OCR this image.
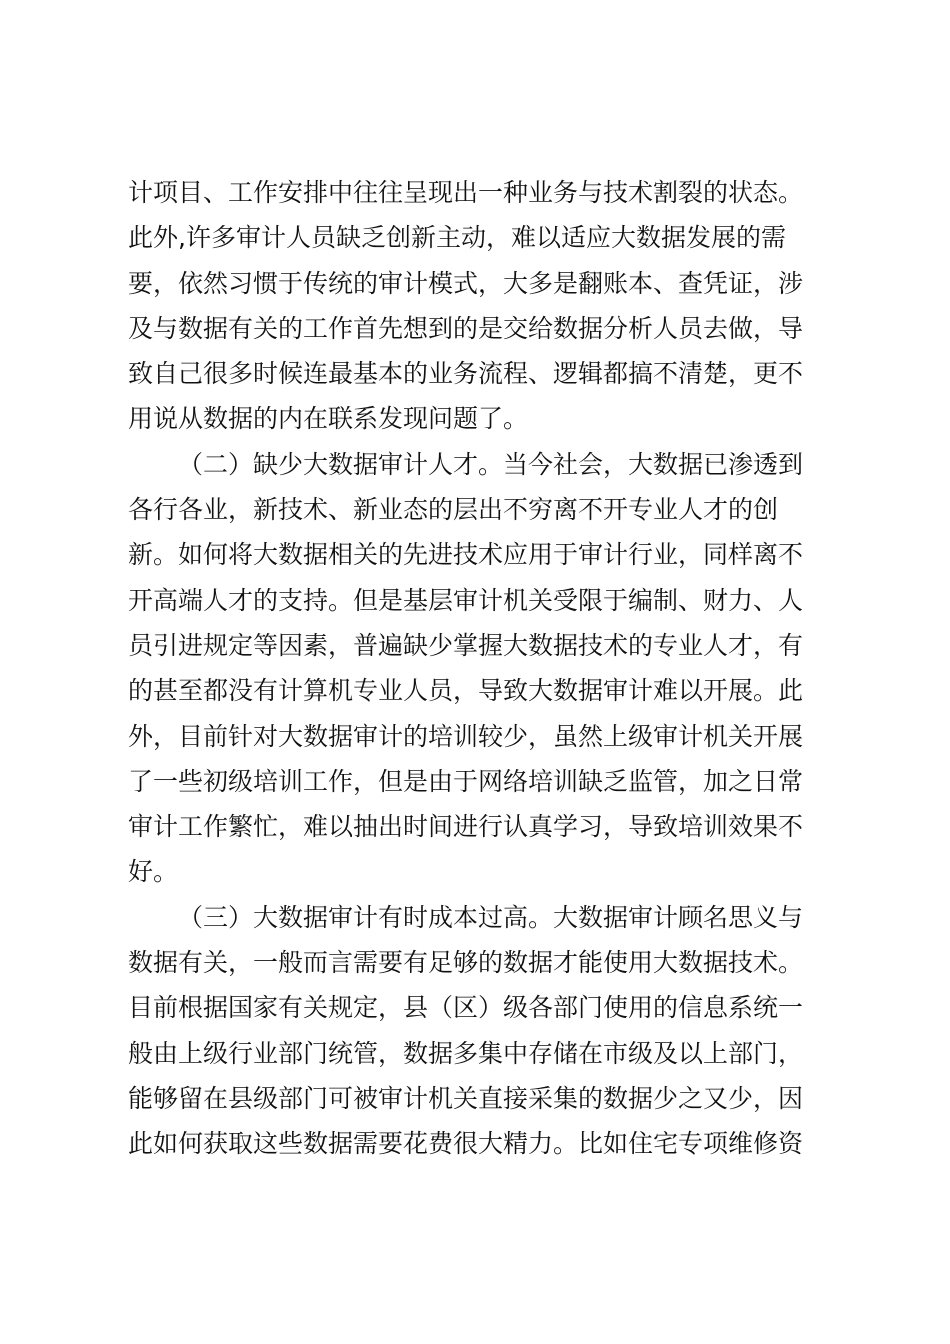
计项目、工作安排中往往呈现出一种业务与技术割裂的状态。
此外,许多审计人员缺乏创新主动，难以适应大数据发展的需
要，依然习惯于传统的审计模式，大多是翻账本、查凭证，涉
及与数据有关的工作首先想到的是交给数据分析人员去做，导
致自己很多时候连最基本的业务流程、逻辑都搞不清楚，更不
用说从数据的内在联系发现问题了。
（二）缺少大数据审计人才。当今社会，大数据已渗透到
各行各业，新技术、新业态的层出不穷离不开专业人才的创
新。如何将大数据相关的先进技术应用于审计行业，同样离不
开高端人才的支持。但是基层审计机关受限于编制、财力、人
员引进规定等因素，普遍缺少掌握大数据技术的专业人才，有
的甚至都没有计算机专业人员，导致大数据审计难以开展。此
外，目前针对大数据审计的培训较少，虽然上级审计机关开展
了一些初级培训工作，但是由于网络培训缺乏监管，加之日常
审计工作繁忙，难以抽出时间进行认真学习，导致培训效果不
好。
（三）大数据审计有时成本过高。大数据审计顾名思义与
数据有关，一般而言需要有足够的数据才能使用大数据技术。
目前根据国家有关规定，县（区）级各部门使用的信息系统一
般由上级行业部门统管，数据多集中存储在市级及以上部门，
能够留在县级部门可被审计机关直接采集的数据少之又少，因
此如何获取这些数据需要花费很大精力。比如住宅专项维修资
